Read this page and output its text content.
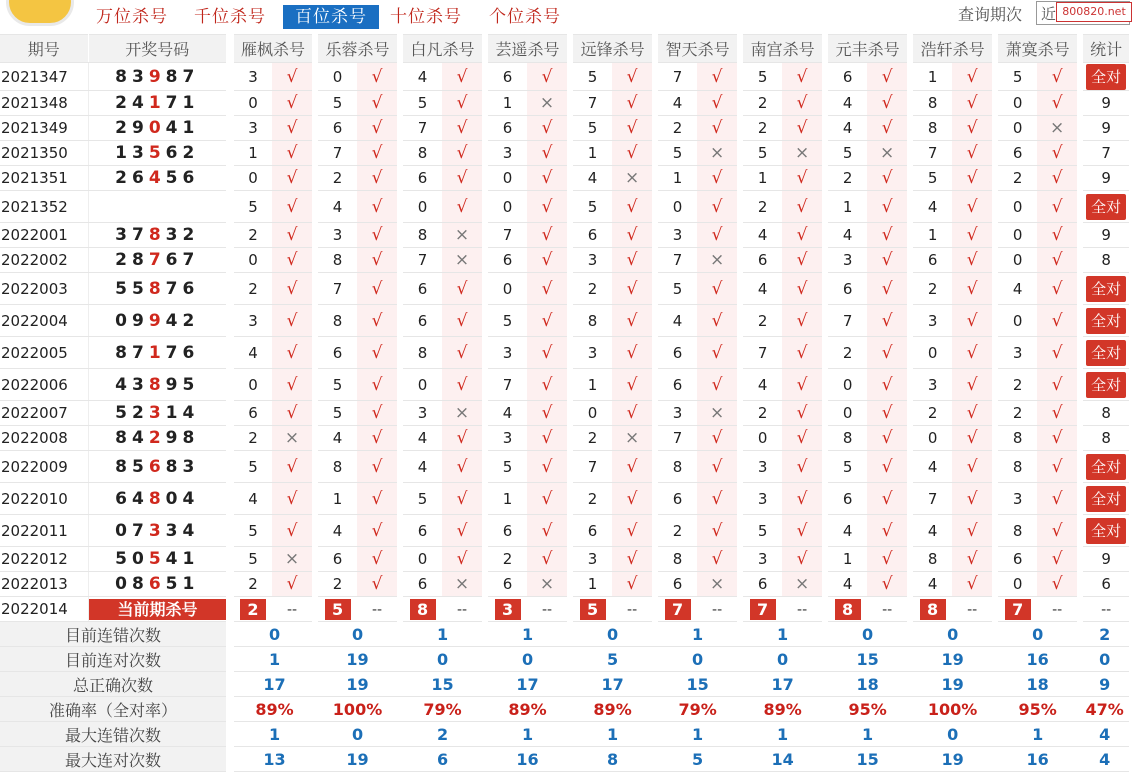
万位杀号	千位杀号	百位杀号	十位杀号	个位杀号	查询期次	近 800820.net
期号	开奖号码	雁枫杀号		乐蓉杀号		白凡杀号		芸遥杀号		远锋杀号		智天杀号		南宫杀号		元丰杀号		浩轩杀号		萧寞杀号		统计
2021347	83987	3	√	0	√	4	√	6	√	5	√	7	√	5	√	6	√	1	√	5	√	全对
2021348	24171	0	√	5	√	5	√	1	×	7	√	4	√	2	√	4	√	8	√	0	√	9
2021349	29041	3	√	6	√	7	√	6	√	5	√	2	√	2	√	4	√	8	√	0	×	9
2021350	13562	1	√	7	√	8	√	3	√	1	√	5	×	5	×	5	×	7	√	6	√	7
2021351	26456	0	√	2	√	6	√	0	√	4	×	1	√	1	√	2	√	5	√	2	√	9
2021352		5	√	4	√	0	√	0	√	5	√	0	√	2	√	1	√	4	√	0	√	全对
2022001	37832	2	√	3	√	8	×	7	√	6	√	3	√	4	√	4	√	1	√	0	√	9
2022002	28767	0	√	8	√	7	×	6	√	3	√	7	×	6	√	3	√	6	√	0	√	8
2022003	55876	2	√	7	√	6	√	0	√	2	√	5	√	4	√	6	√	2	√	4	√	全对
2022004	09942	3	√	8	√	6	√	5	√	8	√	4	√	2	√	7	√	3	√	0	√	全对
2022005	87176	4	√	6	√	8	√	3	√	3	√	6	√	7	√	2	√	0	√	3	√	全对
2022006	43895	0	√	5	√	0	√	7	√	1	√	6	√	4	√	0	√	3	√	2	√	全对
2022007	52314	6	√	5	√	3	×	4	√	0	√	3	×	2	√	0	√	2	√	2	√	8
2022008	84298	2	×	4	√	4	√	3	√	2	×	7	√	0	√	8	√	0	√	8	√	8
2022009	85683	5	√	8	√	4	√	5	√	7	√	8	√	3	√	5	√	4	√	8	√	全对
2022010	64804	4	√	1	√	5	√	1	√	2	√	6	√	3	√	6	√	7	√	3	√	全对
2022011	07334	5	√	4	√	6	√	6	√	6	√	2	√	5	√	4	√	4	√	8	√	全对
2022012	50541	5	×	6	√	0	√	2	√	3	√	8	√	3	√	1	√	8	√	6	√	9
2022013	08651	2	√	2	√	6	×	6	×	1	√	6	×	6	×	4	√	4	√	0	√	6
2022014	当前期杀号	2	--	5	--	8	--	3	--	5	--	7	--	7	--	8	--	8	--	7	--	--
目前连错次数		0		0		1		1		0		1		1		0		0		0		2
目前连对次数		1		19		0		0		5		0		0		15		19		16		0
总正确次数		17		19		15		17		17		15		17		18		19		18		9
准确率（全对率）		89%		100%		79%		89%		89%		79%		89%		95%		100%		95%		47%
最大连错次数		1		0		2		1		1		1		1		1		0		1		4
最大连对次数		13		19		6		16		8		5		14		15		19		16		4
